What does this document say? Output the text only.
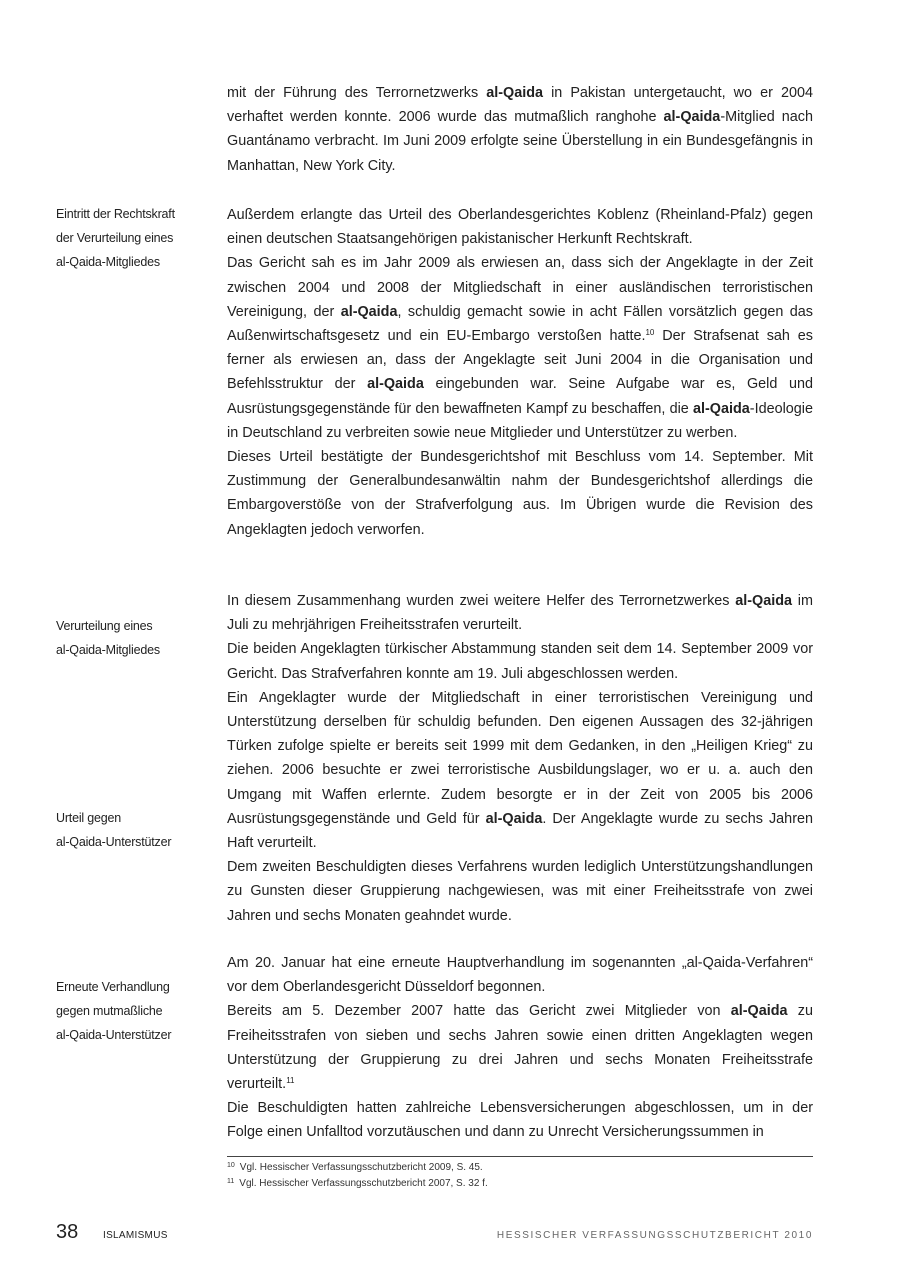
mit der Führung des Terrornetzwerks al-Qaida in Pakistan untergetaucht, wo er 2004 verhaftet werden konnte. 2006 wurde das mutmaßlich ranghohe al-Qaida-Mitglied nach Guantánamo verbracht. Im Juni 2009 erfolgte seine Überstellung in ein Bundesgefängnis in Manhattan, New York City.

Eintritt der Rechtskraft
der Verurteilung eines
al-Qaida-Mitgliedes

Außerdem erlangte das Urteil des Oberlandesgerichtes Koblenz (Rheinland-Pfalz) gegen einen deutschen Staatsangehörigen pakistanischer Herkunft Rechtskraft.

Das Gericht sah es im Jahr 2009 als erwiesen an, dass sich der Angeklagte in der Zeit zwischen 2004 und 2008 der Mitgliedschaft in einer ausländischen terroristischen Vereinigung, der al-Qaida, schuldig gemacht sowie in acht Fällen vorsätzlich gegen das Außenwirtschaftsgesetz und ein EU-Embargo verstoßen hatte.$^{10}$ Der Strafsenat sah es ferner als erwiesen an, dass der Angeklagte seit Juni 2004 in die Organisation und Befehlsstruktur der al-Qaida eingebunden war. Seine Aufgabe war es, Geld und Ausrüstungsgegenstände für den bewaffneten Kampf zu beschaffen, die al-Qaida-Ideologie in Deutschland zu verbreiten sowie neue Mitglieder und Unterstützer zu werben.

Dieses Urteil bestätigte der Bundesgerichtshof mit Beschluss vom 14. September. Mit Zustimmung der Generalbundesanwältin nahm der Bundesgerichtshof allerdings die Embargoverstöße von der Strafverfolgung aus. Im Übrigen wurde die Revision des Angeklagten jedoch verworfen.

Verurteilung eines
al-Qaida-Mitgliedes
Urteil gegen
al-Qaida-Unterstützer

In diesem Zusammenhang wurden zwei weitere Helfer des Terrornetzwerkes al-Qaida im Juli zu mehrjährigen Freiheitsstrafen verurteilt.

Die beiden Angeklagten türkischer Abstammung standen seit dem 14. September 2009 vor Gericht. Das Strafverfahren konnte am 19. Juli abgeschlossen werden.

Ein Angeklagter wurde der Mitgliedschaft in einer terroristischen Vereinigung und Unterstützung derselben für schuldig befunden. Den eigenen Aussagen des 32-jährigen Türken zufolge spielte er bereits seit 1999 mit dem Gedanken, in den „Heiligen Krieg“ zu ziehen. 2006 besuchte er zwei terroristische Ausbildungslager, wo er u. a. auch den Umgang mit Waffen erlernte. Zudem besorgte er in der Zeit von 2005 bis 2006 Ausrüstungsgegenstände und Geld für al-Qaida. Der Angeklagte wurde zu sechs Jahren Haft verurteilt.

Dem zweiten Beschuldigten dieses Verfahrens wurden lediglich Unterstützungshandlungen zu Gunsten dieser Gruppierung nachgewiesen, was mit einer Freiheitsstrafe von zwei Jahren und sechs Monaten geahndet wurde.

Erneute Verhandlung
gegen mutmaßliche
al-Qaida-Unterstützer

Am 20. Januar hat eine erneute Hauptverhandlung im sogenannten „al-Qaida-Verfahren“ vor dem Oberlandesgericht Düsseldorf begonnen.

Bereits am 5. Dezember 2007 hatte das Gericht zwei Mitglieder von al-Qaida zu Freiheitsstrafen von sieben und sechs Jahren sowie einen dritten Angeklagten wegen Unterstützung der Gruppierung zu drei Jahren und sechs Monaten Freiheitsstrafe verurteilt.$^{11}$

Die Beschuldigten hatten zahlreiche Lebensversicherungen abgeschlossen, um in der Folge einen Unfalltod vorzutäuschen und dann zu Unrecht Versicherungssummen in

$^{10}$ Vgl. Hessischer Verfassungsschutzbericht 2009, S. 45.
$^{11}$ Vgl. Hessischer Verfassungsschutzbericht 2007, S. 32 f.
38 ISLAMISMUS	HESSISCHER VERFASSUNGSSCHUTZBERICHT 2010
